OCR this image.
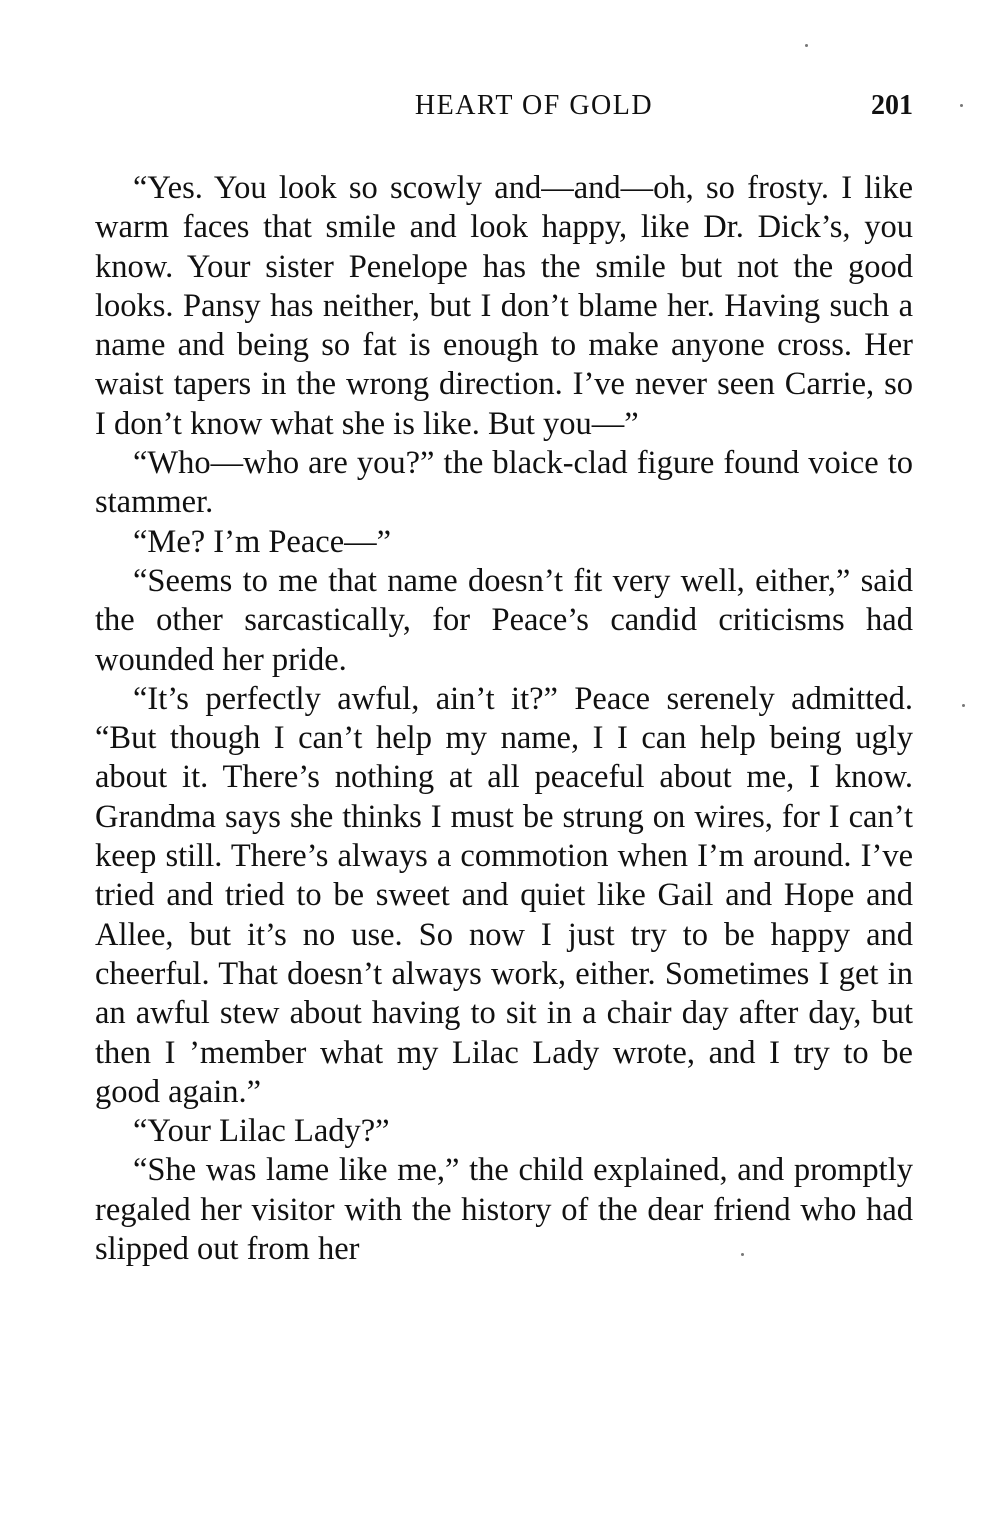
HEART OF GOLD	201

“Yes. You look so scowly and—and—oh, so frosty. I like warm faces that smile and look happy, like Dr. Dick’s, you know. Your sister Penelope has the smile but not the good looks. Pansy has neither, but I don’t blame her. Having such a name and being so fat is enough to make anyone cross. Her waist tapers in the wrong direction. I’ve never seen Carrie, so I don’t know what she is like. But you—”

“Who—who are you?” the black-clad figure found voice to stammer.

“Me? I’m Peace—”

“Seems to me that name doesn’t fit very well, either,” said the other sarcastically, for Peace’s candid criticisms had wounded her pride.

“It’s perfectly awful, ain’t it?” Peace serenely admitted. “But though I can’t help my name, I I can help being ugly about it. There’s nothing at all peaceful about me, I know. Grandma says she thinks I must be strung on wires, for I can’t keep still. There’s always a commotion when I’m around. I’ve tried and tried to be sweet and quiet like Gail and Hope and Allee, but it’s no use. So now I just try to be happy and cheerful. That doesn’t always work, either. Sometimes I get in an awful stew about having to sit in a chair day after day, but then I ’member what my Lilac Lady wrote, and I try to be good again.”

“Your Lilac Lady?”

“She was lame like me,” the child explained, and promptly regaled her visitor with the history of the dear friend who had slipped out from her
